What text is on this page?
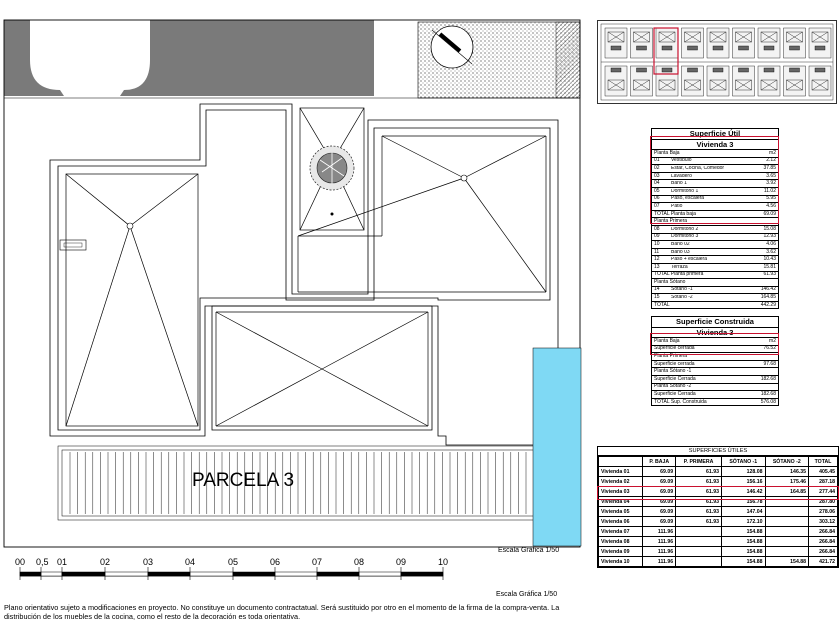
PARCELA 3
Escala Gráfica 1/50
00 0,5 01	02	03	04	05	06	07	08	09	10
Escala Gráfica 1/50
Superficie Útil
Vivienda 3
Planta Baja	m2
01	Vestíbulo	2.12
02	Estar, Cocina, Comedor	37.85
03	Lavadero	3.65
04	Baño 1	3.92
05	Dormitorio 1	11.02
06	Paso, escalera	5.95
07	Patio	4.56
TOTAL Planta baja	69.09
Planta Primera
08	Dormitorio 2	15.08
09	Dormitorio 3	12.93
10	Baño 02	4.06
11	Baño 03	3.62
12	Paso + escalera	10.43
13	Terraza	15.81
TOTAL Planta primera	61.93
Planta Sótano
14	Sótano -1	146.42
15	Sótano -2	164.85
TOTAL	442.29
Superficie Construida
Vivienda 3
Planta Baja	m2
Superficie cerrada	76.52
Planta Primera
Superficie cerrada	97.68
Planta Sótano -1
Superficie Cerrada	182.68
Planta Sótano -2
Superficie Cerrada	182.68
TOTAL Sup. Construida	576.08
SUPERFICIES ÚTILES
	P. BAJA	P. PRIMERA	SÓTANO -1	SÓTANO -2	TOTAL
Vivienda 01	69.09	61.93	128.08	146.35	405.45
Vivienda 02	69.09	61.93	156.16	175.46	287.18
Vivienda 03	69.09	61.93	146.42	164.85	277.44
Vivienda 04	69.09	61.93	156.78		287.80
Vivienda 05	69.09	61.93	147.04		278.06
Vivienda 06	69.09	61.93	172.10		303.12
Vivienda 07	111.96		154.88		266.84
Vivienda 08	111.96		154.88		266.84
Vivienda 09	111.96		154.88		266.84
Vivienda 10	111.96		154.88	154.88	421.72
Plano orientativo sujeto a modificaciones en proyecto. No constituye un documento contractatual. Será sustituido por otro en el momento de la firma de la compra-venta. La
distribución de los muebles de la cocina, como el resto de la decoración es toda orientativa.
